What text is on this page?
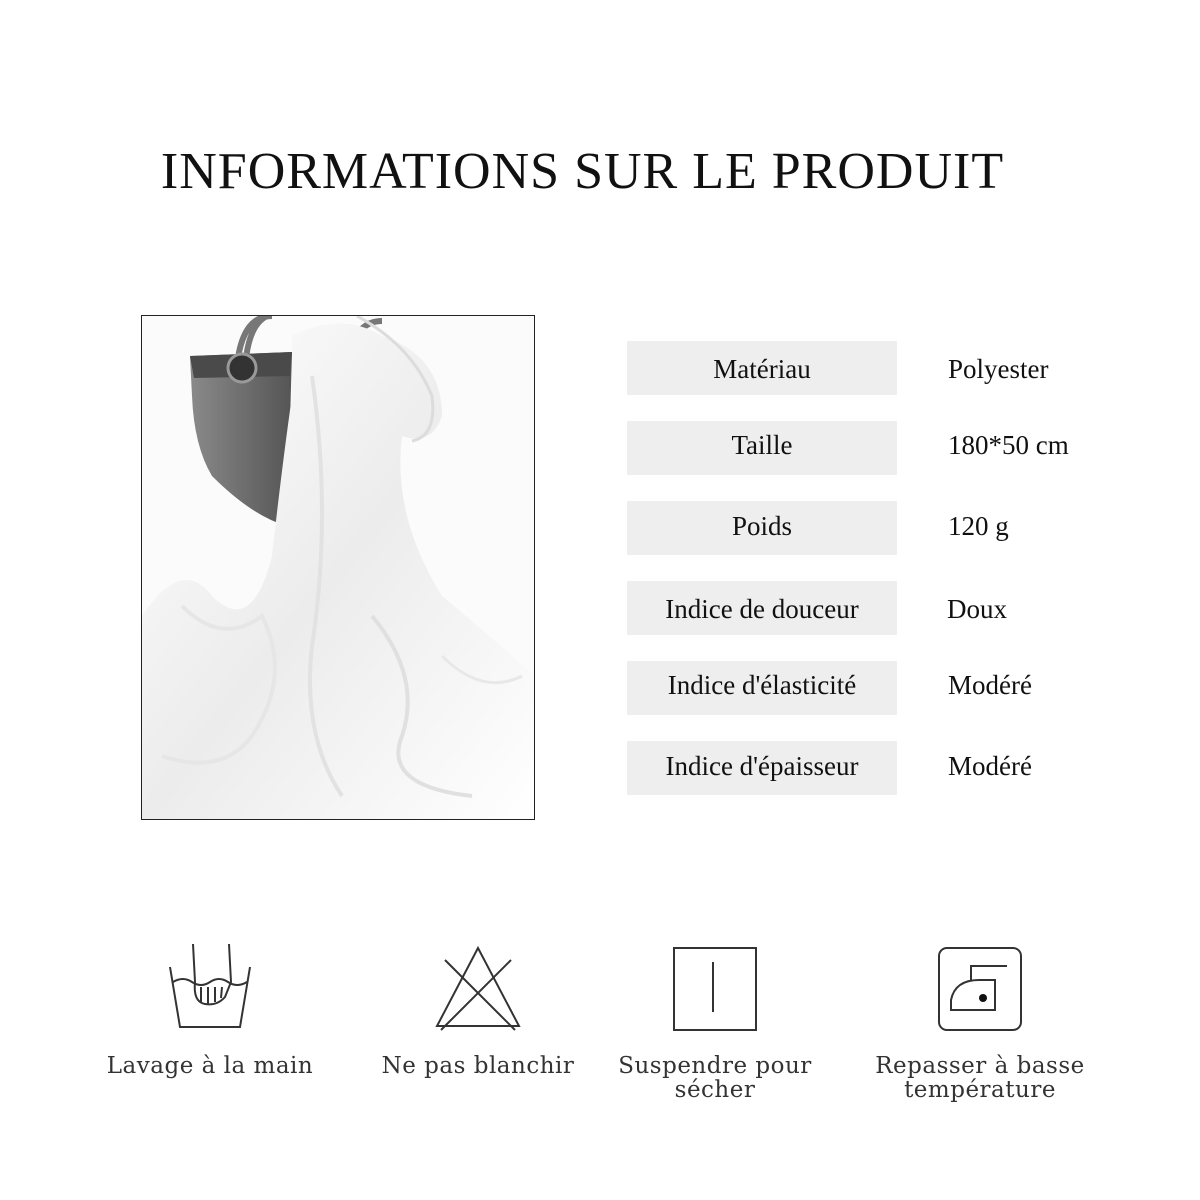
INFORMATIONS SUR LE PRODUIT
Matériau	Polyester
Taille	180*50 cm
Poids	120 g
Indice de douceur	Doux
Indice d'élasticité	Modéré
Indice d'épaisseur	Modéré
Lavage à la main	Ne pas blanchir	Suspendre pour
sécher
Repasser à basse
température
